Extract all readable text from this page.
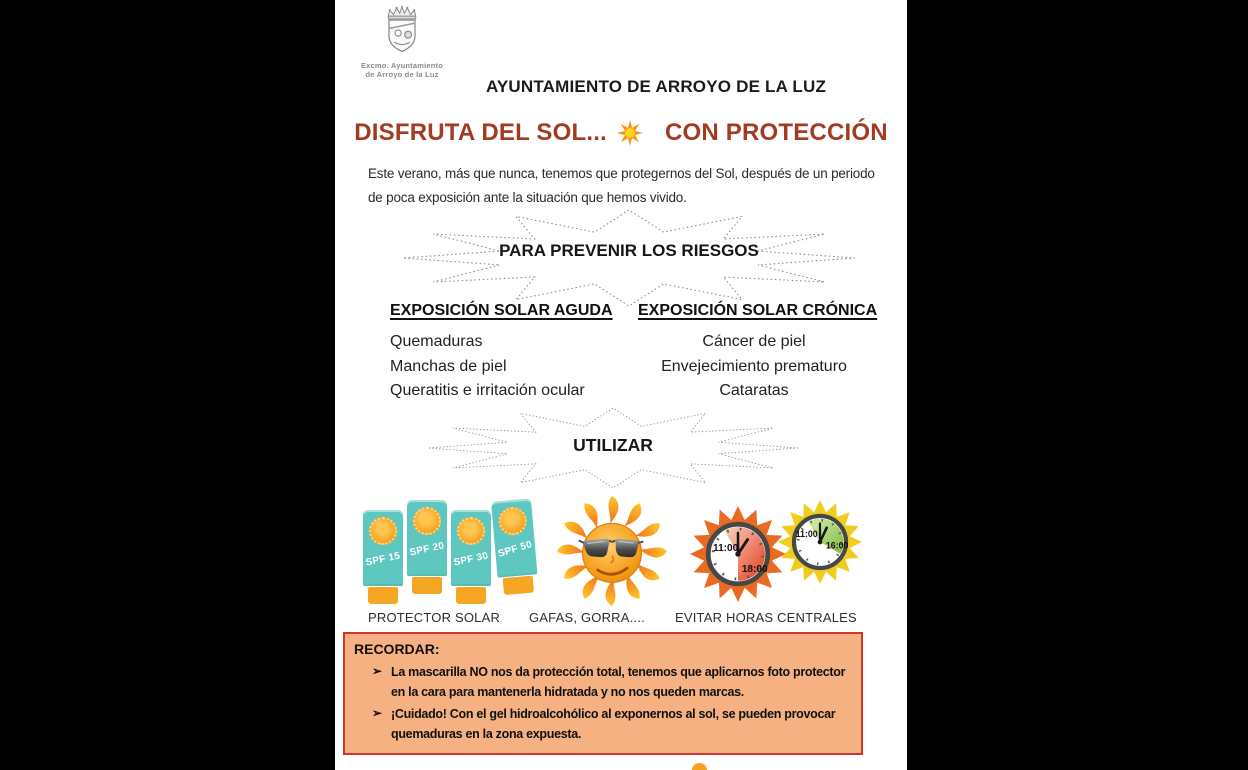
Excmo. Ayuntamiento
de Arroyo de la Luz
AYUNTAMIENTO DE ARROYO DE LA LUZ
DISFRUTA DEL SOL... CON PROTECCIÓN
Este verano, más que nunca, tenemos que protegernos del Sol, después de un periodo
de poca exposición ante la situación que hemos vivido.
PARA PREVENIR LOS RIESGOS
EXPOSICIÓN SOLAR AGUDA
Quemaduras
Manchas de piel
Queratitis e irritación ocular
EXPOSICIÓN SOLAR CRÓNICA
Cáncer de piel
Envejecimiento prematuro
Cataratas
UTILIZAR
SPF 15
SPF 20
SPF 30 SPF 50	11:00
18:00
11:00
16:00
PROTECTOR SOLAR GAFAS, GORRA.... EVITAR HORAS CENTRALES
RECORDAR:
➢ La mascarilla NO nos da protección total, tenemos que aplicarnos foto protector
en la cara para mantenerla hidratada y no nos queden marcas.
➢ ¡Cuidado! Con el gel hidroalcohólico al exponernos al sol, se pueden provocar
quemaduras en la zona expuesta.
